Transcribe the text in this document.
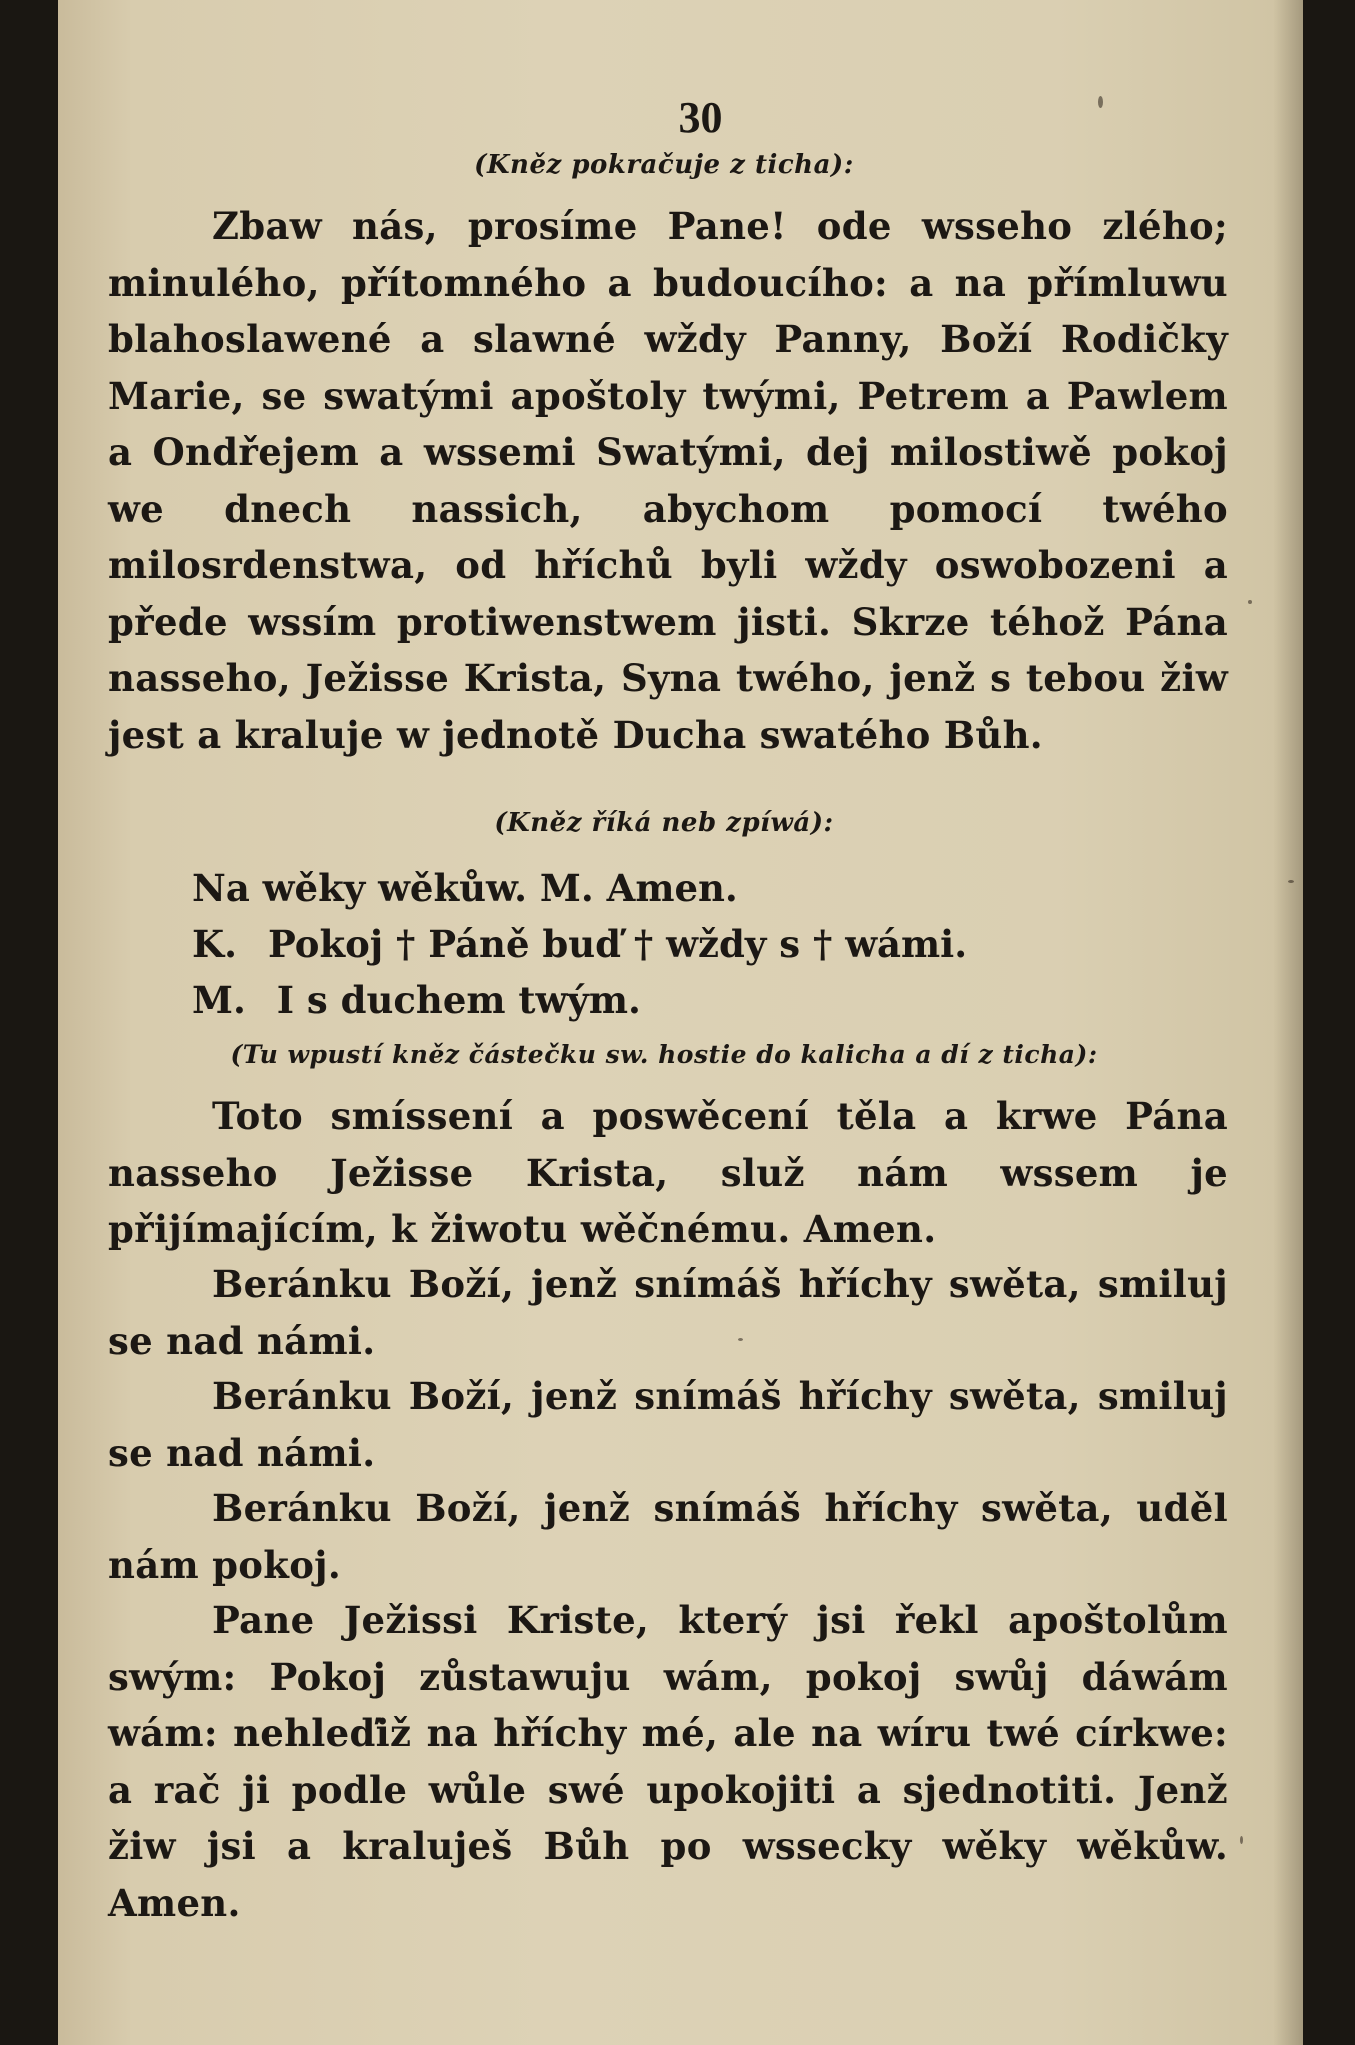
30
(Kněz pokračuje z ticha):
Zbaw nás, prosíme Pane! ode wsseho zlého; minulého, přítomného a budoucího: a na přímluwu blahoslawené a slawné wždy Panny, Boží Rodičky Marie, se swatými apoštoly twými, Petrem a Pawlem a Ondřejem a wssemi Swatými, dej milostiwě pokoj we dnech nassich, abychom pomocí twého milosrdenstwa, od hříchů byli wždy oswobozeni a přede wssím protiwenstwem jisti. Skrze téhož Pána nasseho, Ježisse Krista, Syna twého, jenž s tebou žiw jest a kraluje w jednotě Ducha swatého Bůh.
(Kněz říká neb zpíwá):
Na wěky wěkůw. M. Amen.
K. Pokoj † Páně buď † wždy s † wámi.
M. I s duchem twým.
(Tu wpustí kněz částečku sw. hostie do kalicha a dí z ticha):
Toto smíssení a poswěcení těla a krwe Pána nasseho Ježisse Krista, služ nám wssem je přijímajícím, k žiwotu wěčnému. Amen.
Beránku Boží, jenž snímáš hříchy swěta, smiluj se nad námi.
Beránku Boží, jenž snímáš hříchy swěta, smiluj se nad námi.
Beránku Boží, jenž snímáš hříchy swěta, uděl nám pokoj.
Pane Ježissi Kriste, který jsi řekl apoštolům swým: Pokoj zůstawuju wám, pokoj swůj dáwám wám: nehleďiž na hříchy mé, ale na wíru twé církwe: a rač ji podle wůle swé upokojiti a sjednotiti. Jenž žiw jsi a kraluješ Bůh po wssecky wěky wěkůw. Amen.
